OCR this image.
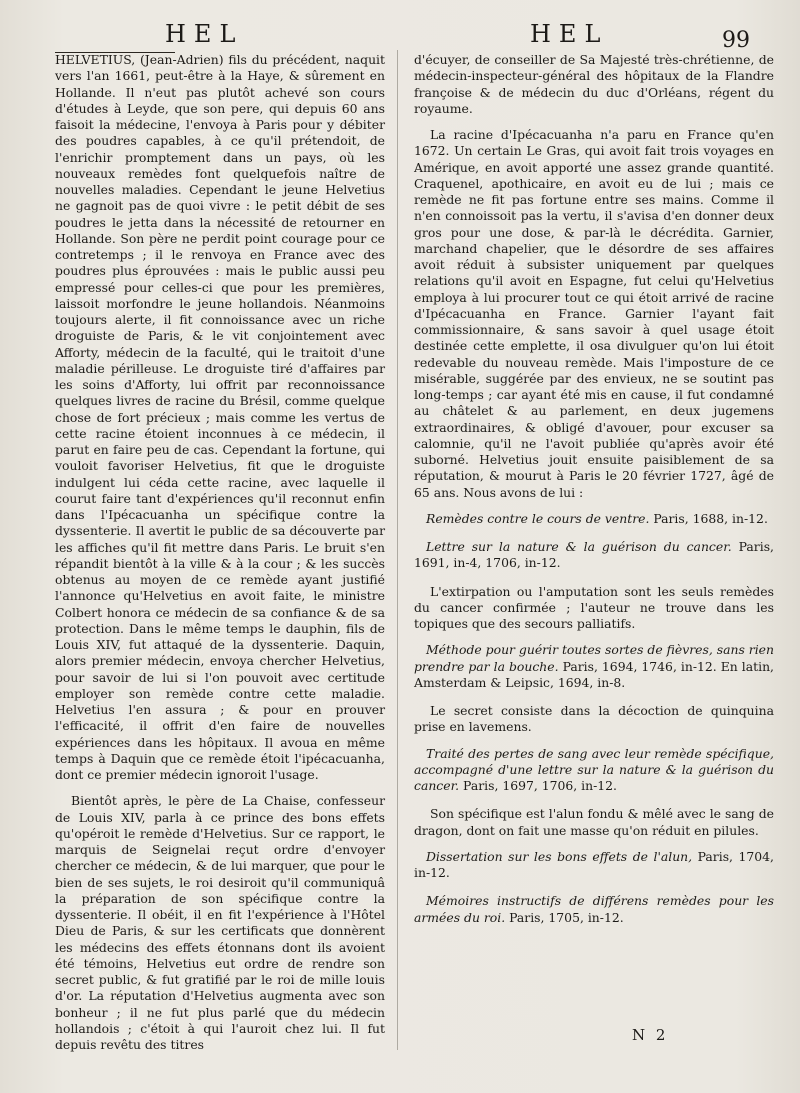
HEL	HEL	99

HELVETIUS, (Jean-Adrien) fils du précédent, naquit vers l'an 1661, peut-être à la Haye, & sûrement en Hollande. Il n'eut pas plutôt achevé son cours d'études à Leyde, que son pere, qui depuis 60 ans faisoit la médecine, l'envoya à Paris pour y débiter des poudres capables, à ce qu'il prétendoit, de l'enrichir promptement dans un pays, où les nouveaux remèdes font quelquefois naître de nouvelles maladies. Cependant le jeune Helvetius ne gagnoit pas de quoi vivre : le petit débit de ses poudres le jetta dans la nécessité de retourner en Hollande. Son père ne perdit point courage pour ce contretemps ; il le renvoya en France avec des poudres plus éprouvées : mais le public aussi peu empressé pour celles-ci que pour les premières, laissoit morfondre le jeune hollandois. Néanmoins toujours alerte, il fit connoissance avec un riche droguiste de Paris, & le vit conjointement avec Afforty, médecin de la faculté, qui le traitoit d'une maladie périlleuse. Le droguiste tiré d'affaires par les soins d'Afforty, lui offrit par reconnoissance quelques livres de racine du Brésil, comme quelque chose de fort précieux ; mais comme les vertus de cette racine étoient inconnues à ce médecin, il parut en faire peu de cas. Cependant la fortune, qui vouloit favoriser Helvetius, fit que le droguiste indulgent lui céda cette racine, avec laquelle il courut faire tant d'expériences qu'il reconnut enfin dans l'Ipécacuanha un spécifique contre la dyssenterie. Il avertit le public de sa découverte par les affiches qu'il fit mettre dans Paris. Le bruit s'en répandit bientôt à la ville & à la cour ; & les succès obtenus au moyen de ce remède ayant justifié l'annonce qu'Helvetius en avoit faite, le ministre Colbert honora ce médecin de sa confiance & de sa protection. Dans le même temps le dauphin, fils de Louis XIV, fut attaqué de la dyssenterie. Daquin, alors premier médecin, envoya chercher Helvetius, pour savoir de lui si l'on pouvoit avec certitude employer son remède contre cette maladie. Helvetius l'en assura ; & pour en prouver l'efficacité, il offrit d'en faire de nouvelles expériences dans les hôpitaux. Il avoua en même temps à Daquin que ce remède étoit l'ipécacuanha, dont ce premier médecin ignoroit l'usage.

Bientôt après, le père de La Chaise, confesseur de Louis XIV, parla à ce prince des bons effets qu'opéroit le remède d'Helvetius. Sur ce rapport, le marquis de Seignelai reçut ordre d'envoyer chercher ce médecin, & de lui marquer, que pour le bien de ses sujets, le roi desiroit qu'il communiquâ la préparation de son spécifique contre la dyssenterie. Il obéit, il en fit l'expérience à l'Hôtel Dieu de Paris, & sur les certificats que donnèrent les médecins des effets étonnans dont ils avoient été témoins, Helvetius eut ordre de rendre son secret public, & fut gratifié par le roi de mille louis d'or. La réputation d'Helvetius augmenta avec son bonheur ; il ne fut plus parlé que du médecin hollandois ; c'étoit à qui l'auroit chez lui. Il fut depuis revêtu des titres

d'écuyer, de conseiller de Sa Majesté très-chrétienne, de médecin-inspecteur-général des hôpitaux de la Flandre françoise & de médecin du duc d'Orléans, régent du royaume.

La racine d'Ipécacuanha n'a paru en France qu'en 1672. Un certain Le Gras, qui avoit fait trois voyages en Amérique, en avoit apporté une assez grande quantité. Craquenel, apothicaire, en avoit eu de lui ; mais ce remède ne fit pas fortune entre ses mains. Comme il n'en connoissoit pas la vertu, il s'avisa d'en donner deux gros pour une dose, & par-là le décrédita. Garnier, marchand chapelier, que le désordre de ses affaires avoit réduit à subsister uniquement par quelques relations qu'il avoit en Espagne, fut celui qu'Helvetius employa à lui procurer tout ce qui étoit arrivé de racine d'Ipécacuanha en France. Garnier l'ayant fait commissionnaire, & sans savoir à quel usage étoit destinée cette emplette, il osa divulguer qu'on lui étoit redevable du nouveau remède. Mais l'imposture de ce misérable, suggérée par des envieux, ne se soutint pas long-temps ; car ayant été mis en cause, il fut condamné au châtelet & au parlement, en deux jugemens extraordinaires, & obligé d'avouer, pour excuser sa calomnie, qu'il ne l'avoit publiée qu'après avoir été suborné. Helvetius jouit ensuite paisiblement de sa réputation, & mourut à Paris le 20 février 1727, âgé de 65 ans. Nous avons de lui :

Remèdes contre le cours de ventre. Paris, 1688, in-12.

Lettre sur la nature & la guérison du cancer. Paris, 1691, in-4, 1706, in-12.

L'extirpation ou l'amputation sont les seuls remèdes du cancer confirmée ; l'auteur ne trouve dans les topiques que des secours palliatifs.

Méthode pour guérir toutes sortes de fièvres, sans rien prendre par la bouche. Paris, 1694, 1746, in-12. En latin, Amsterdam & Leipsic, 1694, in-8.

Le secret consiste dans la décoction de quinquina prise en lavemens.

Traité des pertes de sang avec leur remède spécifique, accompagné d'une lettre sur la nature & la guérison du cancer. Paris, 1697, 1706, in-12.

Son spécifique est l'alun fondu & mêlé avec le sang de dragon, dont on fait une masse qu'on réduit en pilules.

Dissertation sur les bons effets de l'alun, Paris, 1704, in-12.

Mémoires instructifs de différens remèdes pour les armées du roi. Paris, 1705, in-12.

N 2
